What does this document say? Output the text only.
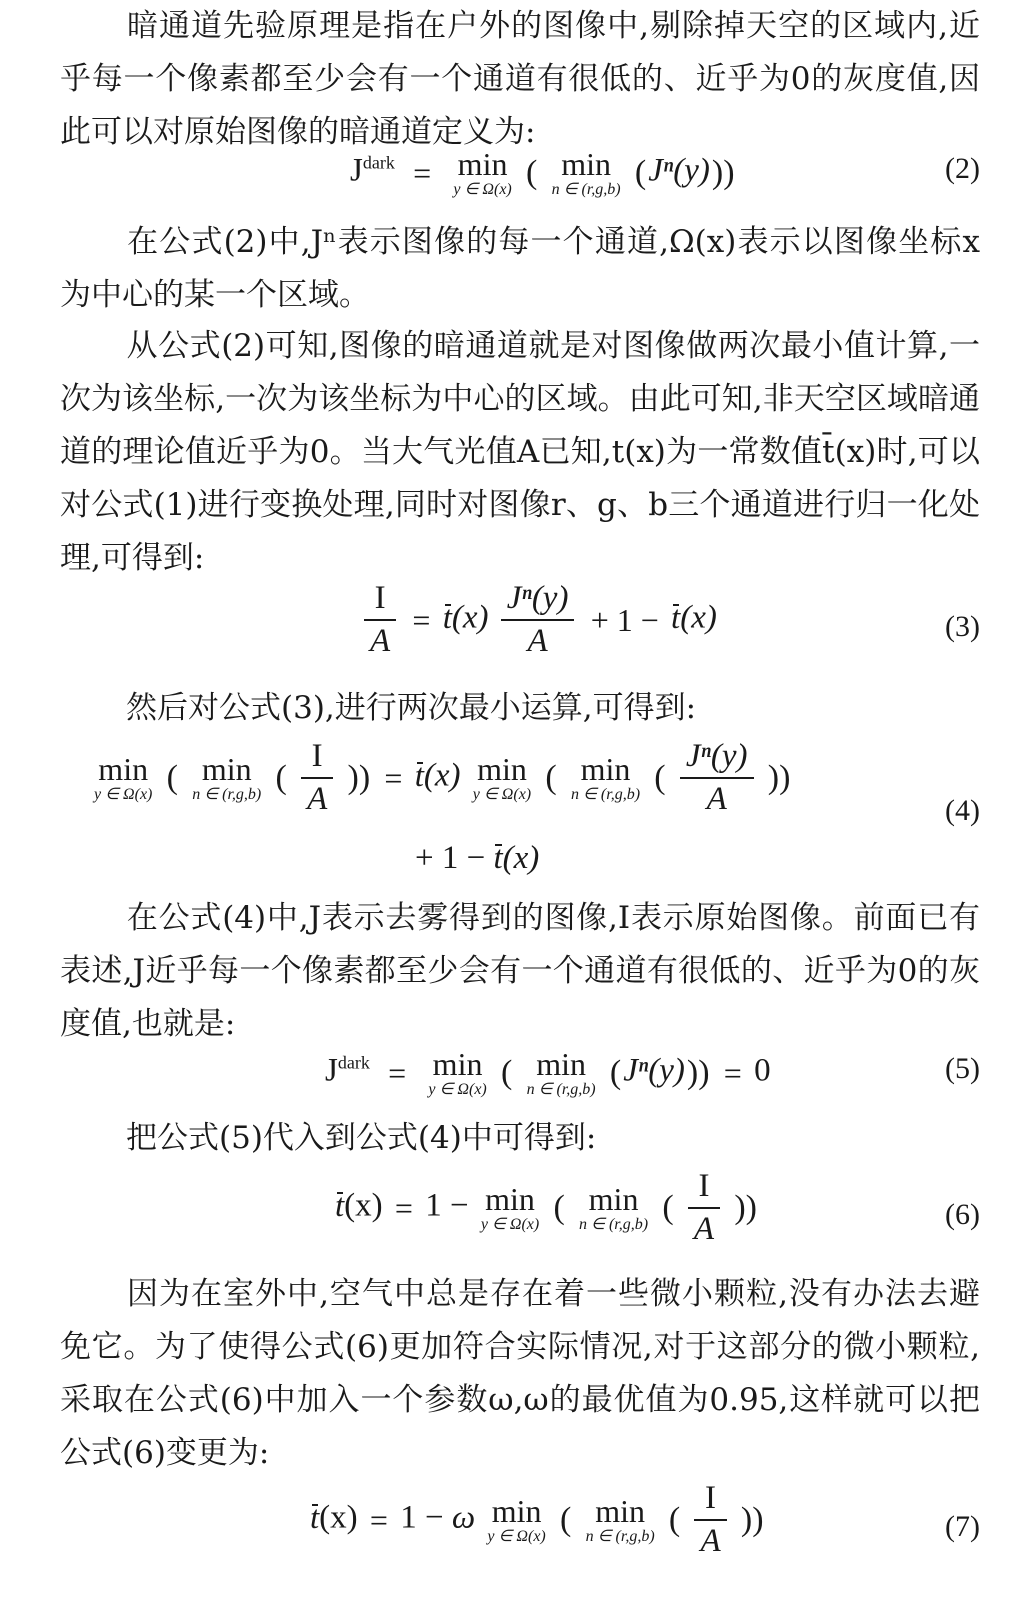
暗通道先验原理是指在户外的图像中,剔除掉天空的区域内,近乎每一个像素都至少会有一个通道有很低的、近乎为0的灰度值,因此可以对原始图像的暗通道定义为:

$J^{dark}$ =
min
y ∈ Ω(x) ( min
n ∈ (r,g,b) (Jⁿ(y)))	(2)

在公式(2)中,Jⁿ表示图像的每一个通道,Ω(x)表示以图像坐标x为中心的某一个区域。

从公式(2)可知,图像的暗通道就是对图像做两次最小值计算,一次为该坐标,一次为该坐标为中心的区域。由此可知,非天空区域暗通道的理论值近乎为0。当大气光值A已知,t(x)为一常数值t̄(x)时,可以对公式(1)进行变换处理,同时对图像r、g、b三个通道进行归一化处理,可得到:

$\frac{I}{A}$
= $t(x) \frac{\text{Jⁿ(y)}}{A}$
+ 1 − t(x)	(3)

然后对公式(3),进行两次最小运算,可得到:

min
y ∈ Ω(x) ( min
n ∈ (r,g,b) ( $\frac{I}{A}$ )) = t(x) min
y ∈ Ω(x) ( min
n ∈ (r,g,b) ( $\frac{\text{Jⁿ(y)}}{A}$ ))
+ 1 − t(x)
(4)

在公式(4)中,J表示去雾得到的图像,I表示原始图像。前面已有表述,J近乎每一个像素都至少会有一个通道有很低的、近乎为0的灰度值,也就是:

$J^{dark}$ =
min
y ∈ Ω(x) ( min
n ∈ (r,g,b) (Jⁿ(y))) = 0	(5)

把公式(5)代入到公式(4)中可得到:

t(x) = 1 − min
y ∈ Ω(x) ( min
n ∈ (r,g,b) ( $\frac{I}{A}$ ))	(6)

因为在室外中,空气中总是存在着一些微小颗粒,没有办法去避免它。为了使得公式(6)更加符合实际情况,对于这部分的微小颗粒,采取在公式(6)中加入一个参数ω,ω的最优值为0.95,这样就可以把公式(6)变更为:

t(x) = 1 − ω min
y ∈ Ω(x) ( min
n ∈ (r,g,b) ( $\frac{I}{A}$ ))	(7)
